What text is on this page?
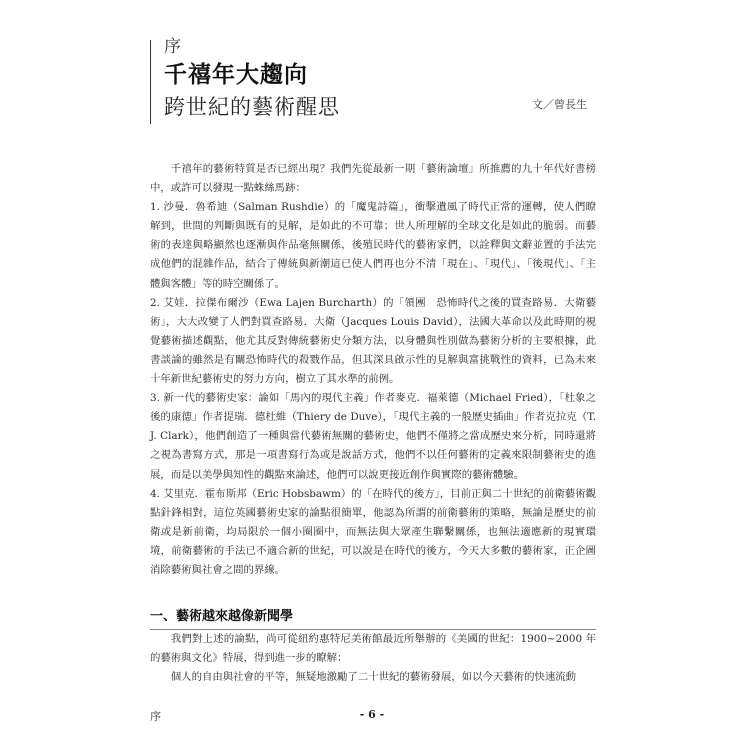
序
千禧年大趨向
跨世紀的藝術醒思	文／曾長生

千禧年的藝術特質是否已經出現？我們先從最新一期「藝術論壇」所推薦的九十年代好書榜中，或許可以發現一點蛛絲馬跡：

1. 沙曼．魯希迪（Salman Rushdie）的「魔鬼詩篇」，衝擊遺風了時代正常的運轉，使人們瞭解到，世間的判斷與既有的見解，是如此的不可靠；世人所理解的全球文化是如此的脆弱。而藝術的表達與略顯然也逐漸與作品毫無關係，後殖民時代的藝術家們，以詮釋與文辭並置的手法完成他們的混雜作品，結合了傳統與新潮這已使人們再也分不清「現在」、「現代」、「後現代」、「主體與客體」等的時空關係了。

2. 艾娃．拉傑布爾沙（Ewa Lajen Burcharth）的「領團　恐怖時代之後的買查路易．大衛藝術」，大大改變了人們對買查路易．大衛（Jacques Louis David），法國大革命以及此時期的視覺藝術描述觀點，他尤其反對傳統藝術史分類方法，以身體與性別做為藝術分析的主要根據，此書談論的雖然是有關恐怖時代的殺戮作品，但其深具啟示性的見解與富挑戰性的資料，已為未來十年新世紀藝術史的努力方向，樹立了其水準的前例。

3. 新一代的藝術史家：論如「馬內的現代主義」作者麥克．福萊德（Michael Fried），「杜象之後的康德」作者提瑞．德杜維（Thiery de Duve），「現代主義的一般歷史插曲」作者克拉克（T.J. Clark），他們創造了一種與當代藝術無關的藝術史，他們不僅將之當成歷史來分析，同時還將之視為書寫方式，那是一項書寫行為或是說話方式，他們不以任何藝術的定義來限制藝術史的進展，而是以美學與知性的觀點來論述，他們可以說更接近創作與實際的藝術體驗。

4. 艾里克．霍布斯邦（Eric Hobsbawm）的「在時代的後方」，目前正與二十世紀的前衛藝術觀點針鋒相對，這位英國藝術史家的論點很簡單，他認為所謂的前衛藝術的策略，無論是歷史的前衛或是新前衛，均局限於一個小圈圈中，而無法與大眾產生聯繫關係，也無法適應新的現實環境，前衛藝術的手法已不適合新的世紀，可以說是在時代的後方，今天大多數的藝術家，正企圖消除藝術與社會之間的界線。

一、藝術越來越像新聞學

我們對上述的論點，尚可從紐約惠特尼美術館最近所舉辦的《美國的世紀：1900~2000 年的藝術與文化》特展，得到進一步的瞭解：

個人的自由與社會的平等，無疑地激勵了二十世紀的藝術發展，如以今天藝術的快速流動

序	- 6 -
